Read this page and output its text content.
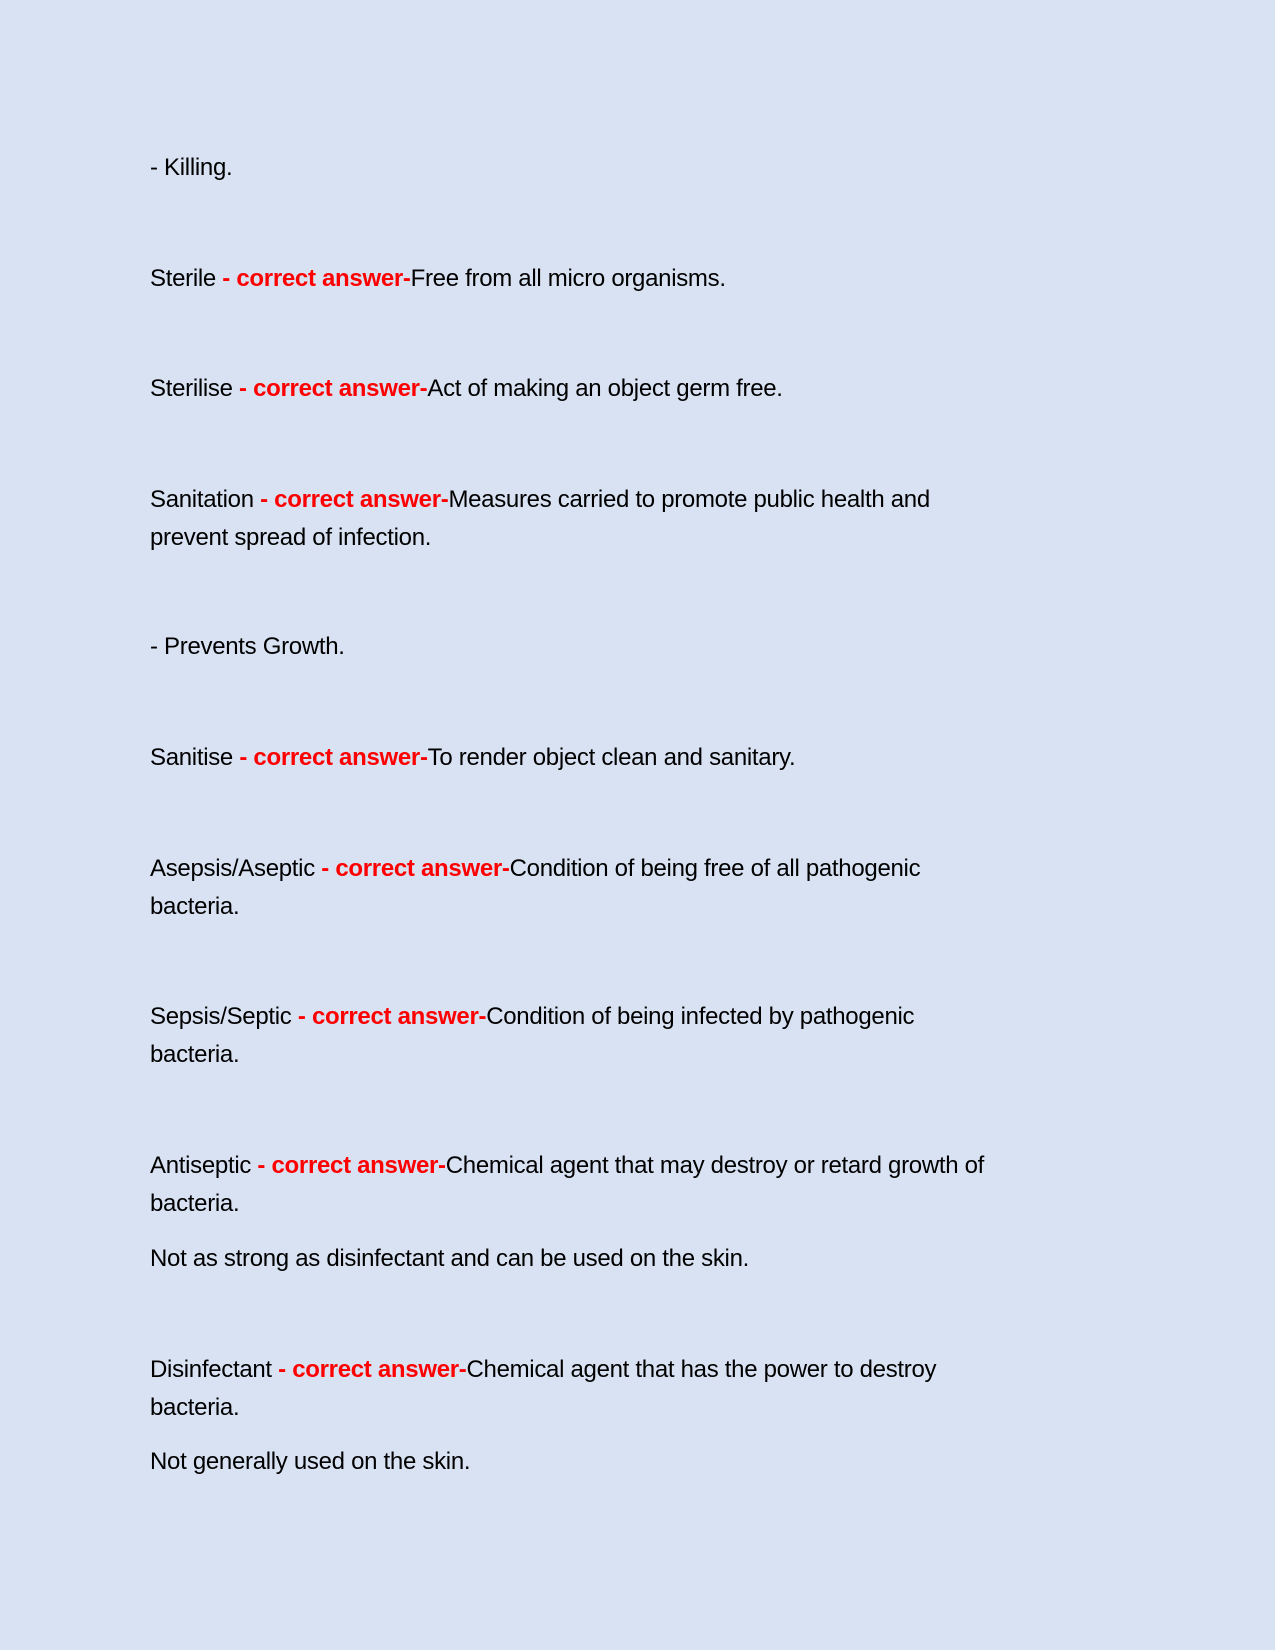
- Killing.
Sterile - correct answer-Free from all micro organisms.
Sterilise - correct answer-Act of making an object germ free.
Sanitation - correct answer-Measures carried to promote public health and
prevent spread of infection.
- Prevents Growth.
Sanitise - correct answer-To render object clean and sanitary.
Asepsis/Aseptic - correct answer-Condition of being free of all pathogenic
bacteria.
Sepsis/Septic - correct answer-Condition of being infected by pathogenic
bacteria.
Antiseptic - correct answer-Chemical agent that may destroy or retard growth of
bacteria.
Not as strong as disinfectant and can be used on the skin.
Disinfectant - correct answer-Chemical agent that has the power to destroy
bacteria.
Not generally used on the skin.
